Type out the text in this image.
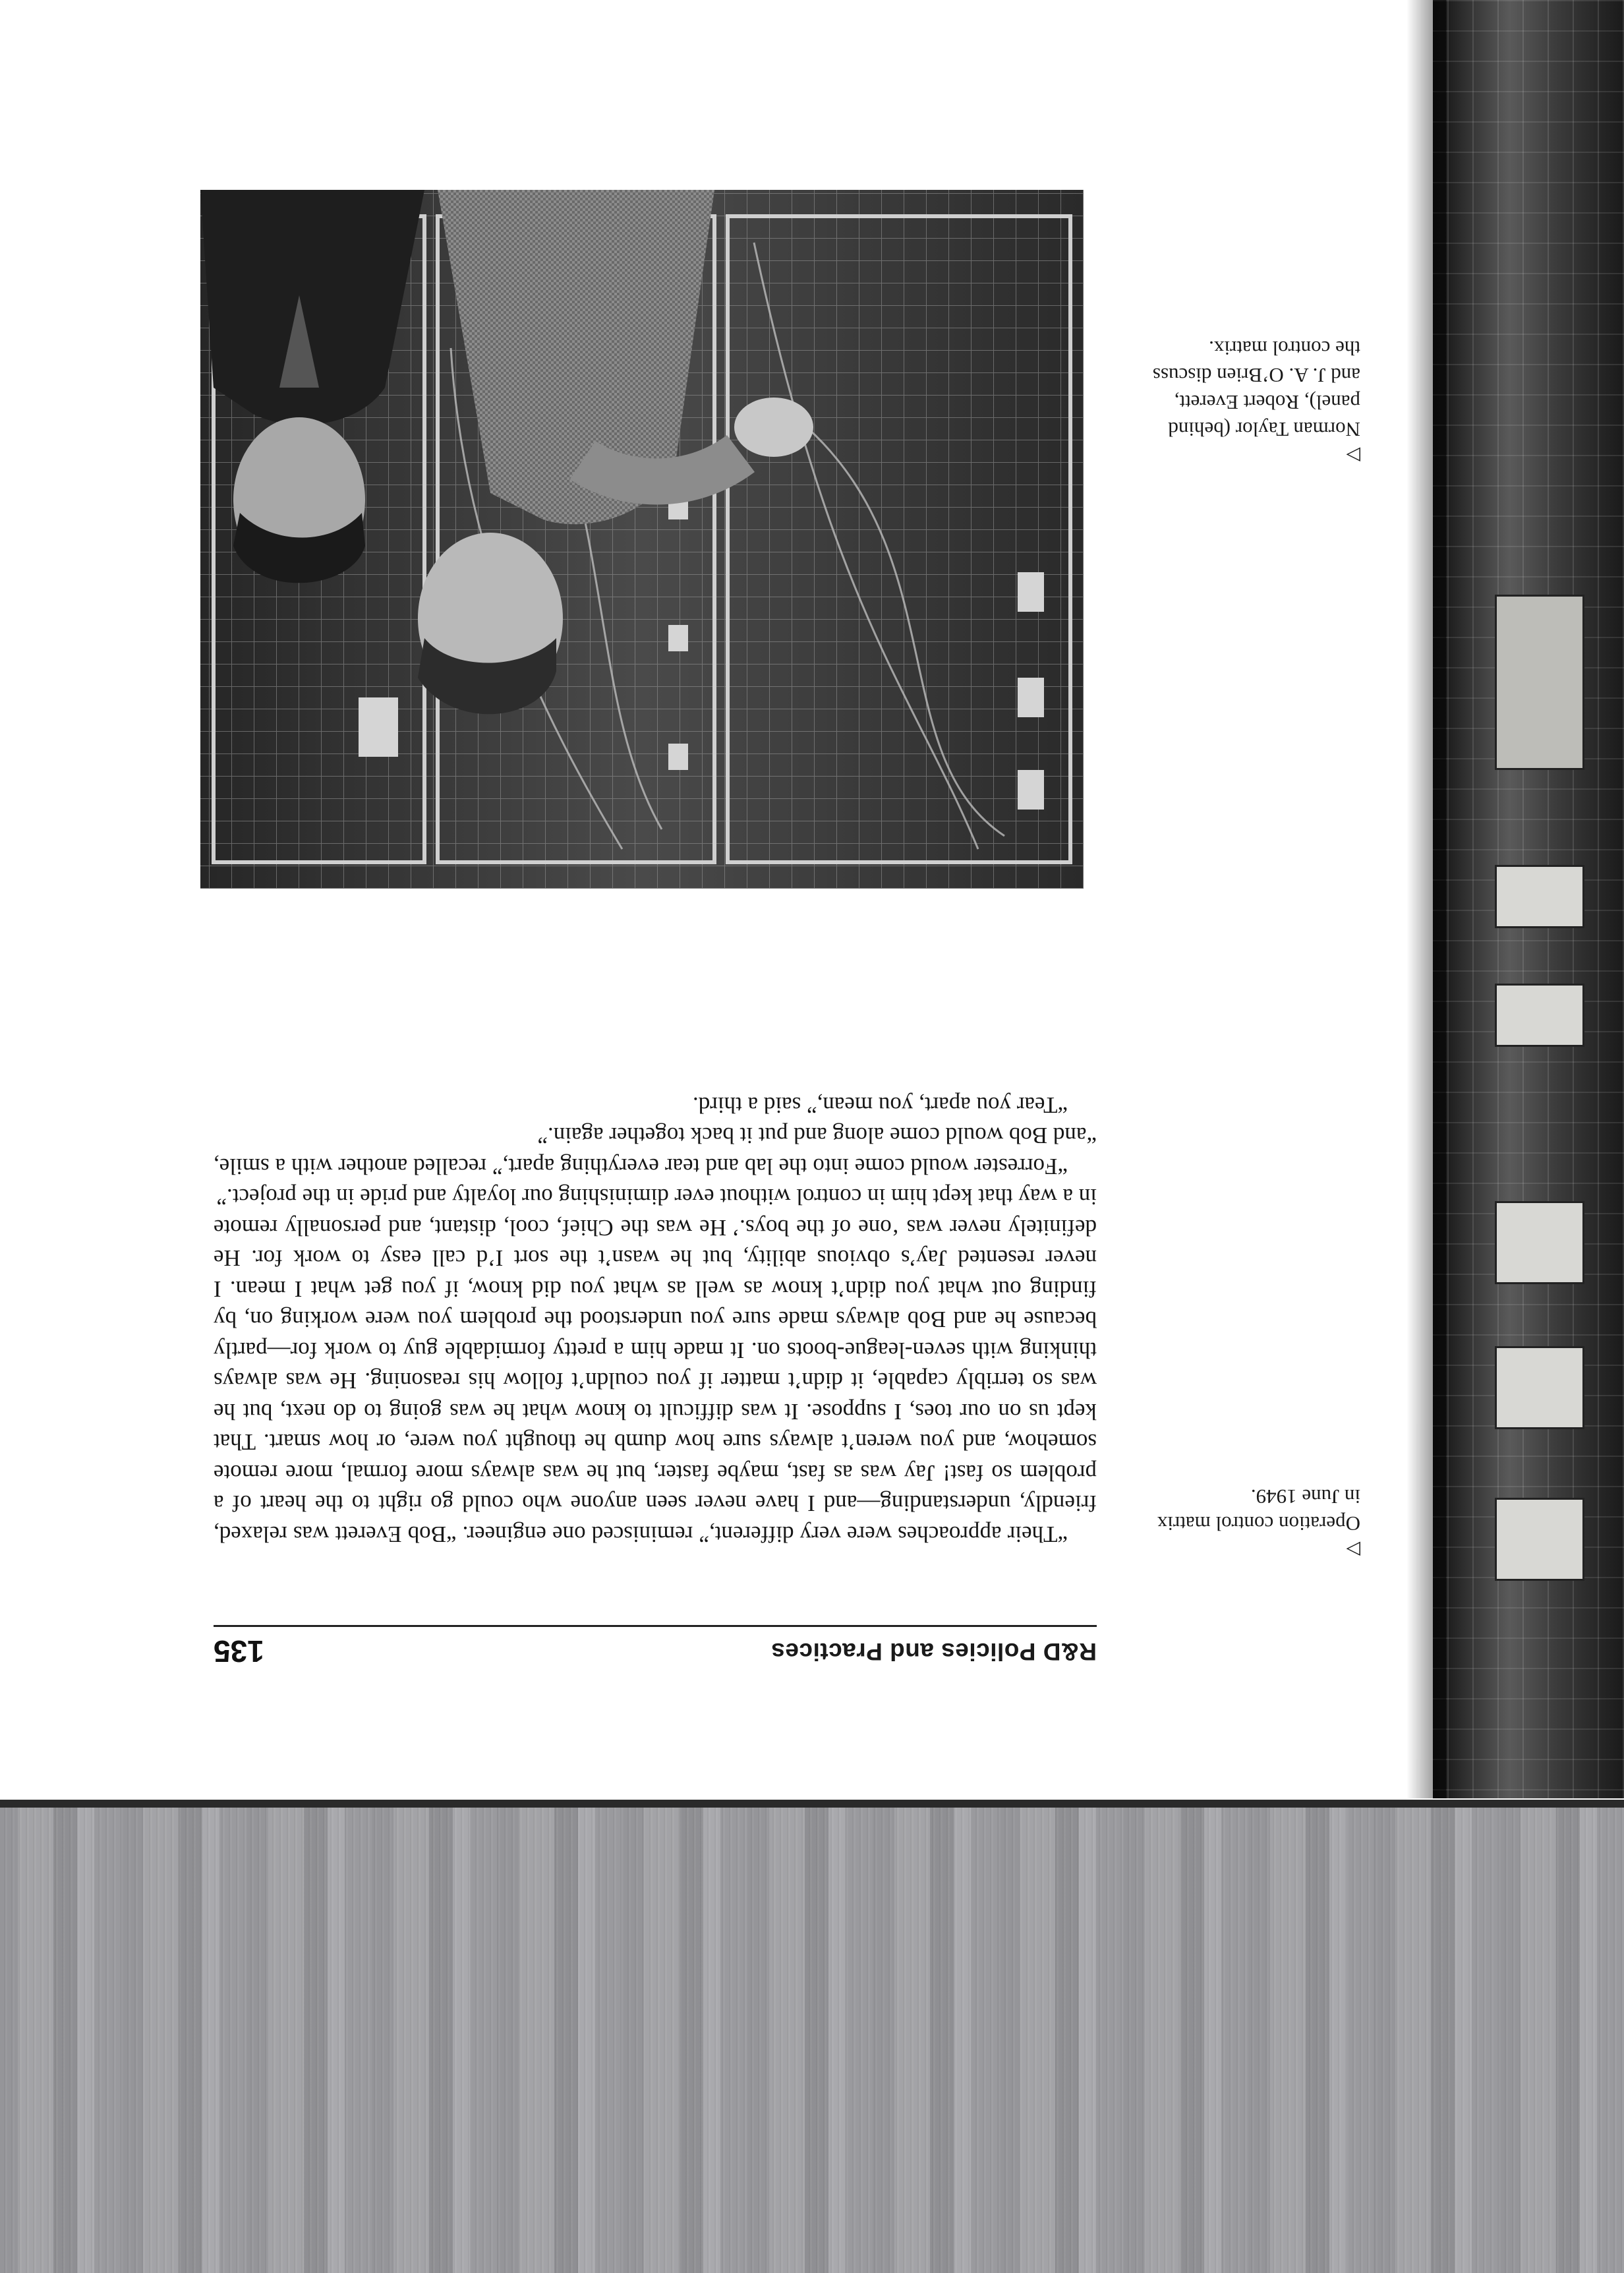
R&D Policies and Practices
135

“Their approaches were very different,” reminisced one engineer. “Bob Everett was relaxed, friendly, understanding—and I have never seen anyone who could go right to the heart of a problem so fast! Jay was as fast, maybe faster, but he was always more formal, more remote somehow, and you weren’t always sure how dumb he thought you were, or how smart. That kept us on our toes, I suppose. It was difficult to know what he was going to do next, but he was so terribly capable, it didn’t matter if you couldn’t follow his reasoning. He was always thinking with seven-league-boots on. It made him a pretty formidable guy to work for—partly because he and Bob always made sure you understood the problem you were working on, by finding out what you didn’t know as well as what you did know, if you get what I mean. I never resented Jay’s obvious ability, but he wasn’t the sort I’d call easy to work for. He definitely never was ‘one of the boys.’ He was the Chief, cool, distant, and personally remote in a way that kept him in control without ever diminishing our loyalty and pride in the project.”

“Forrester would come into the lab and tear everything apart,” recalled another with a smile, “and Bob would come along and put it back together again.”

“Tear you apart, you mean,” said a third.

▷
Operation control matrix in June 1949.
▷
Norman Taylor (behind panel), Robert Everett, and J. A. O’Brien discuss the control matrix.
